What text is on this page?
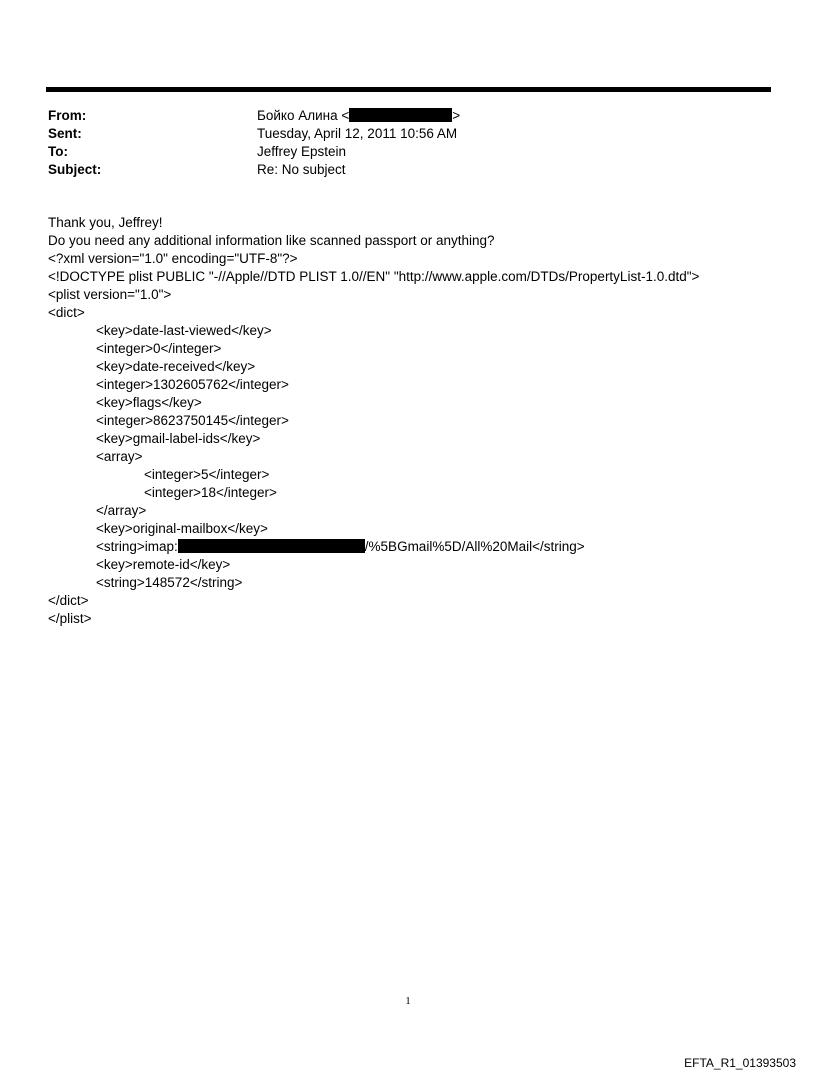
From:	Бойко Алина <	>
Sent:	Tuesday, April 12, 2011 10:56 AM
To:	Jeffrey Epstein
Subject:	Re: No subject
Thank you, Jeffrey!
Do you need any additional information like scanned passport or anything?
<?xml version="1.0" encoding="UTF-8"?>
<!DOCTYPE plist PUBLIC "-//Apple//DTD PLIST 1.0//EN" "http://www.apple.com/DTDs/PropertyList-1.0.dtd">
<plist version="1.0">
<dict>
<key>date-last-viewed</key>
<integer>0</integer>
<key>date-received</key>
<integer>1302605762</integer>
<key>flags</key>
<integer>8623750145</integer>
<key>gmail-label-ids</key>
<array>
<integer>5</integer>
<integer>18</integer>
</array>
<key>original-mailbox</key>
<string>imap:	/%5BGmail%5D/All%20Mail</string>
<key>remote-id</key>
<string>148572</string>
</dict>
</plist>
1
EFTA_R1_01393503
